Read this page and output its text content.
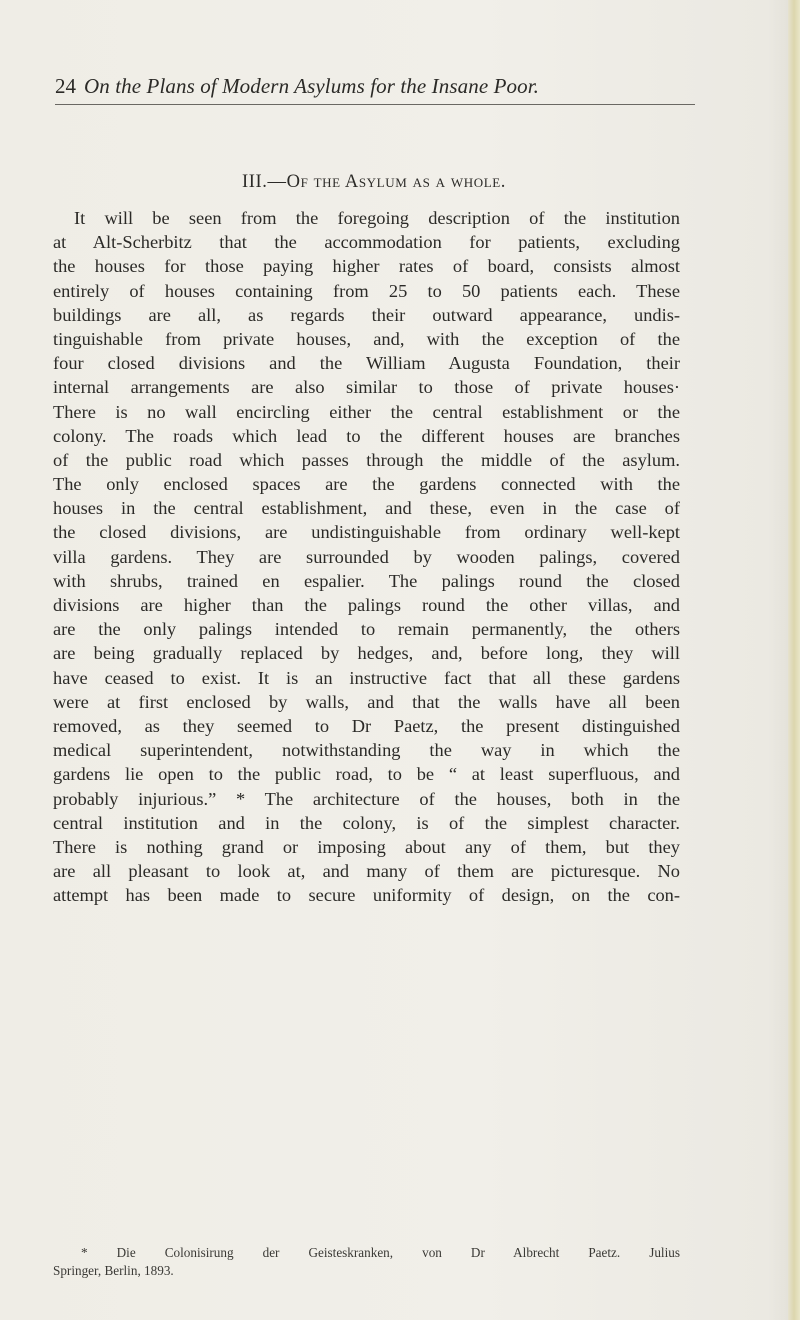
24 On the Plans of Modern Asylums for the Insane Poor.
III.—Of the Asylum as a whole.
It will be seen from the foregoing description of the institution
at Alt-Scherbitz that the accommodation for patients, excluding
the houses for those paying higher rates of board, consists almost
entirely of houses containing from 25 to 50 patients each. These
buildings are all, as regards their outward appearance, undis-
tinguishable from private houses, and, with the exception of the
four closed divisions and the William Augusta Foundation, their
internal arrangements are also similar to those of private houses·
There is no wall encircling either the central establishment or the
colony. The roads which lead to the different houses are branches
of the public road which passes through the middle of the asylum.
The only enclosed spaces are the gardens connected with the
houses in the central establishment, and these, even in the case of
the closed divisions, are undistinguishable from ordinary well-kept
villa gardens. They are surrounded by wooden palings, covered
with shrubs, trained en espalier. The palings round the closed
divisions are higher than the palings round the other villas, and
are the only palings intended to remain permanently, the others
are being gradually replaced by hedges, and, before long, they will
have ceased to exist. It is an instructive fact that all these gardens
were at first enclosed by walls, and that the walls have all been
removed, as they seemed to Dr Paetz, the present distinguished
medical superintendent, notwithstanding the way in which the
gardens lie open to the public road, to be “ at least superfluous, and
probably injurious.” * The architecture of the houses, both in the
central institution and in the colony, is of the simplest character.
There is nothing grand or imposing about any of them, but they
are all pleasant to look at, and many of them are picturesque. No
attempt has been made to secure uniformity of design, on the con-
* Die Colonisirung der Geisteskranken, von Dr Albrecht Paetz. Julius
Springer, Berlin, 1893.
